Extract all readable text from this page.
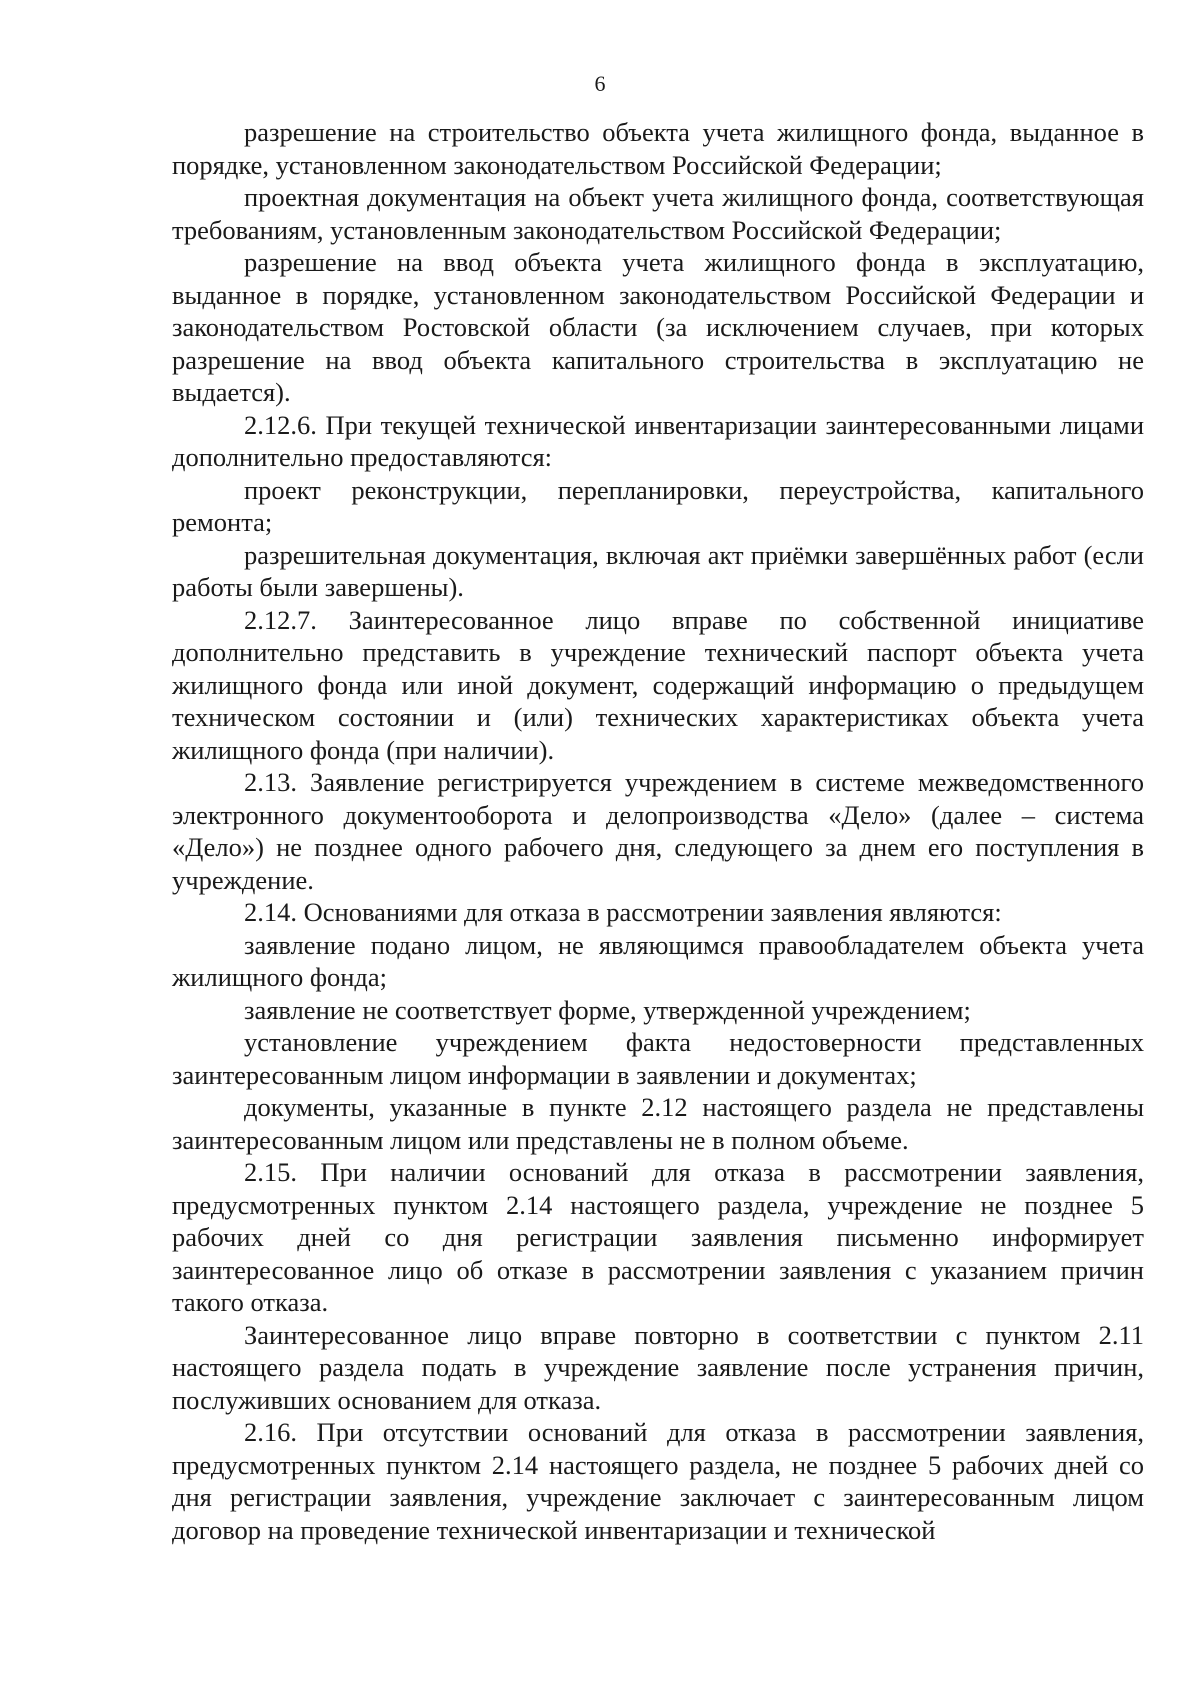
6

разрешение на строительство объекта учета жилищного фонда, выданное в порядке, установленном законодательством Российской Федерации;

проектная документация на объект учета жилищного фонда, соответствующая требованиям, установленным законодательством Российской Федерации;

разрешение на ввод объекта учета жилищного фонда в эксплуатацию, выданное в порядке, установленном законодательством Российской Федерации и законодательством Ростовской области (за исключением случаев, при которых разрешение на ввод объекта капитального строительства в эксплуатацию не выдается).

2.12.6. При текущей технической инвентаризации заинтересованными лицами дополнительно предоставляются:

проект реконструкции, перепланировки, переустройства, капитального ремонта;

разрешительная документация, включая акт приёмки завершённых работ (если работы были завершены).

2.12.7. Заинтересованное лицо вправе по собственной инициативе дополнительно представить в учреждение технический паспорт объекта учета жилищного фонда или иной документ, содержащий информацию о предыдущем техническом состоянии и (или) технических характеристиках объекта учета жилищного фонда (при наличии).

2.13. Заявление регистрируется учреждением в системе межведомственного электронного документооборота и делопроизводства «Дело» (далее – система «Дело») не позднее одного рабочего дня, следующего за днем его поступления в учреждение.

2.14. Основаниями для отказа в рассмотрении заявления являются:

заявление подано лицом, не являющимся правообладателем объекта учета жилищного фонда;

заявление не соответствует форме, утвержденной учреждением;

установление учреждением факта недостоверности представленных заинтересованным лицом информации в заявлении и документах;

документы, указанные в пункте 2.12 настоящего раздела не представлены заинтересованным лицом или представлены не в полном объеме.

2.15. При наличии оснований для отказа в рассмотрении заявления, предусмотренных пунктом 2.14 настоящего раздела, учреждение не позднее 5 рабочих дней со дня регистрации заявления письменно информирует заинтересованное лицо об отказе в рассмотрении заявления с указанием причин такого отказа.

Заинтересованное лицо вправе повторно в соответствии с пунктом 2.11 настоящего раздела подать в учреждение заявление после устранения причин, послуживших основанием для отказа.

2.16. При отсутствии оснований для отказа в рассмотрении заявления, предусмотренных пунктом 2.14 настоящего раздела, не позднее 5 рабочих дней со дня регистрации заявления, учреждение заключает с заинтересованным лицом договор на проведение технической инвентаризации и технической
